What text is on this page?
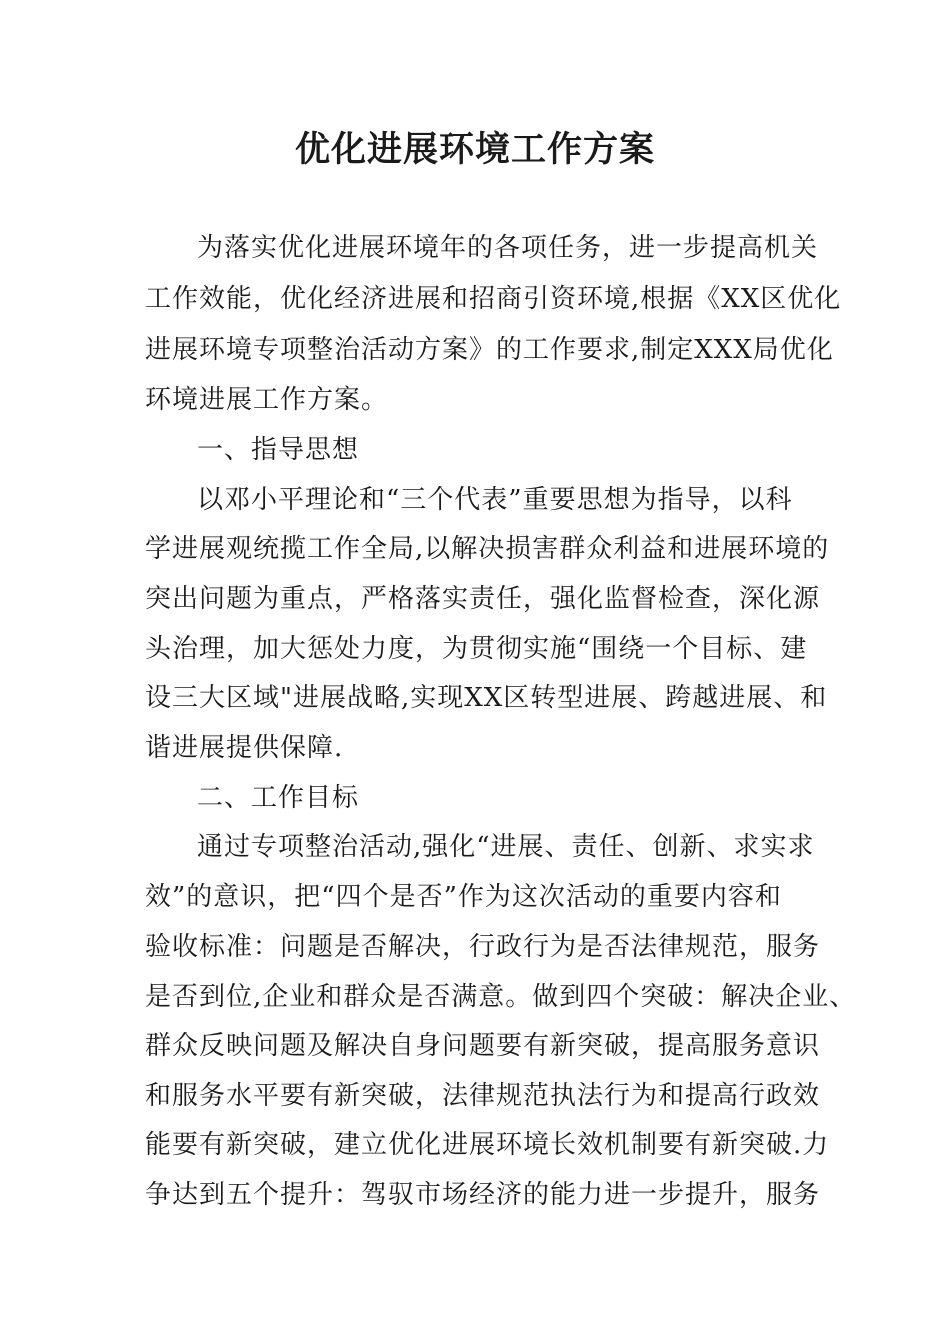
优化进展环境工作方案
为落实优化进展环境年的各项任务，进一步提高机关
工作效能，优化经济进展和招商引资环境,根据《XX区优化
进展环境专项整治活动方案》的工作要求,制定XXX局优化
环境进展工作方案。
一、指导思想
以邓小平理论和“三个代表”重要思想为指导，以科
学进展观统揽工作全局,以解决损害群众利益和进展环境的
突出问题为重点，严格落实责任，强化监督检查，深化源
头治理，加大惩处力度，为贯彻实施“围绕一个目标、建
设三大区域"进展战略,实现XX区转型进展、跨越进展、和
谐进展提供保障.
二、工作目标
通过专项整治活动,强化“进展、责任、创新、求实求
效”的意识，把“四个是否”作为这次活动的重要内容和
验收标准：问题是否解决，行政行为是否法律规范，服务
是否到位,企业和群众是否满意。做到四个突破：解决企业、
群众反映问题及解决自身问题要有新突破，提高服务意识
和服务水平要有新突破，法律规范执法行为和提高行政效
能要有新突破，建立优化进展环境长效机制要有新突破.力
争达到五个提升：驾驭市场经济的能力进一步提升，服务
